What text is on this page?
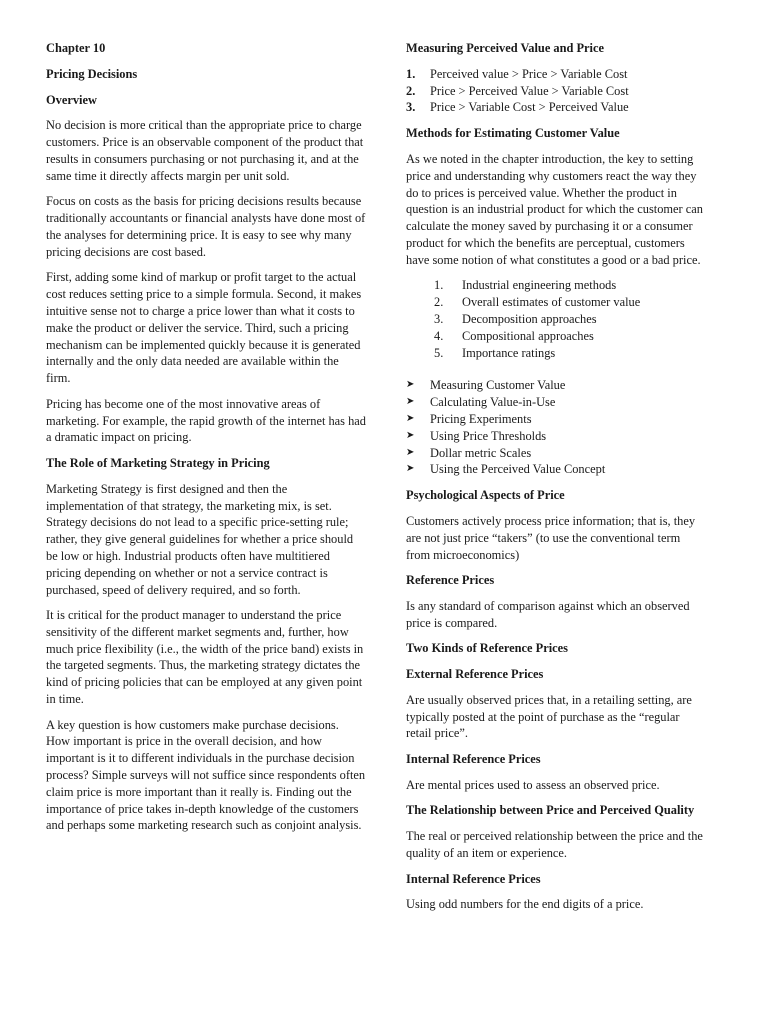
Chapter 10
Pricing Decisions
Overview

No decision is more critical than the appropriate price to charge customers. Price is an observable component of the product that results in consumers purchasing or not purchasing it, and at the same time it directly affects margin per unit sold.

Focus on costs as the basis for pricing decisions results because traditionally accountants or financial analysts have done most of the analyses for determining price. It is easy to see why many pricing decisions are cost based.

First, adding some kind of markup or profit target to the actual cost reduces setting price to a simple formula. Second, it makes intuitive sense not to charge a price lower than what it costs to make the product or deliver the service. Third, such a pricing mechanism can be implemented quickly because it is generated internally and the only data needed are available within the firm.

Pricing has become one of the most innovative areas of marketing. For example, the rapid growth of the internet has had a dramatic impact on pricing.

The Role of Marketing Strategy in Pricing

Marketing Strategy is first designed and then the implementation of that strategy, the marketing mix, is set. Strategy decisions do not lead to a specific price-setting rule; rather, they give general guidelines for whether a price should be low or high. Industrial products often have multitiered pricing depending on whether or not a service contract is purchased, speed of delivery required, and so forth.

It is critical for the product manager to understand the price sensitivity of the different market segments and, further, how much price flexibility (i.e., the width of the price band) exists in the targeted segments. Thus, the marketing strategy dictates the kind of pricing policies that can be employed at any given point in time.

A key question is how customers make purchase decisions. How important is price in the overall decision, and how important is it to different individuals in the purchase decision process? Simple surveys will not suffice since respondents often claim price is more important than it really is. Finding out the importance of price takes in-depth knowledge of the customers and perhaps some marketing research such as conjoint analysis.

Measuring Perceived Value and Price
1.	Perceived value > Price > Variable Cost
2.	Price > Perceived Value > Variable Cost
3.	Price > Variable Cost > Perceived Value
Methods for Estimating Customer Value

As we noted in the chapter introduction, the key to setting price and understanding why customers react the way they do to prices is perceived value. Whether the product in question is an industrial product for which the customer can calculate the money saved by purchasing it or a consumer product for which the benefits are perceptual, customers have some notion of what constitutes a good or a bad price.

1.	Industrial engineering methods
2.	Overall estimates of customer value
3.	Decomposition approaches
4.	Compositional approaches
5.	Importance ratings
➤	Measuring Customer Value
➤	Calculating Value-in-Use
➤	Pricing Experiments
➤	Using Price Thresholds
➤	Dollar metric Scales
➤	Using the Perceived Value Concept
Psychological Aspects of Price

Customers actively process price information; that is, they are not just price “takers” (to use the conventional term from microeconomics)

Reference Prices

Is any standard of comparison against which an observed price is compared.

Two Kinds of Reference Prices
External Reference Prices

Are usually observed prices that, in a retailing setting, are typically posted at the point of purchase as the “regular retail price”.

Internal Reference Prices

Are mental prices used to assess an observed price.

The Relationship between Price and Perceived Quality

The real or perceived relationship between the price and the quality of an item or experience.

Internal Reference Prices

Using odd numbers for the end digits of a price.
